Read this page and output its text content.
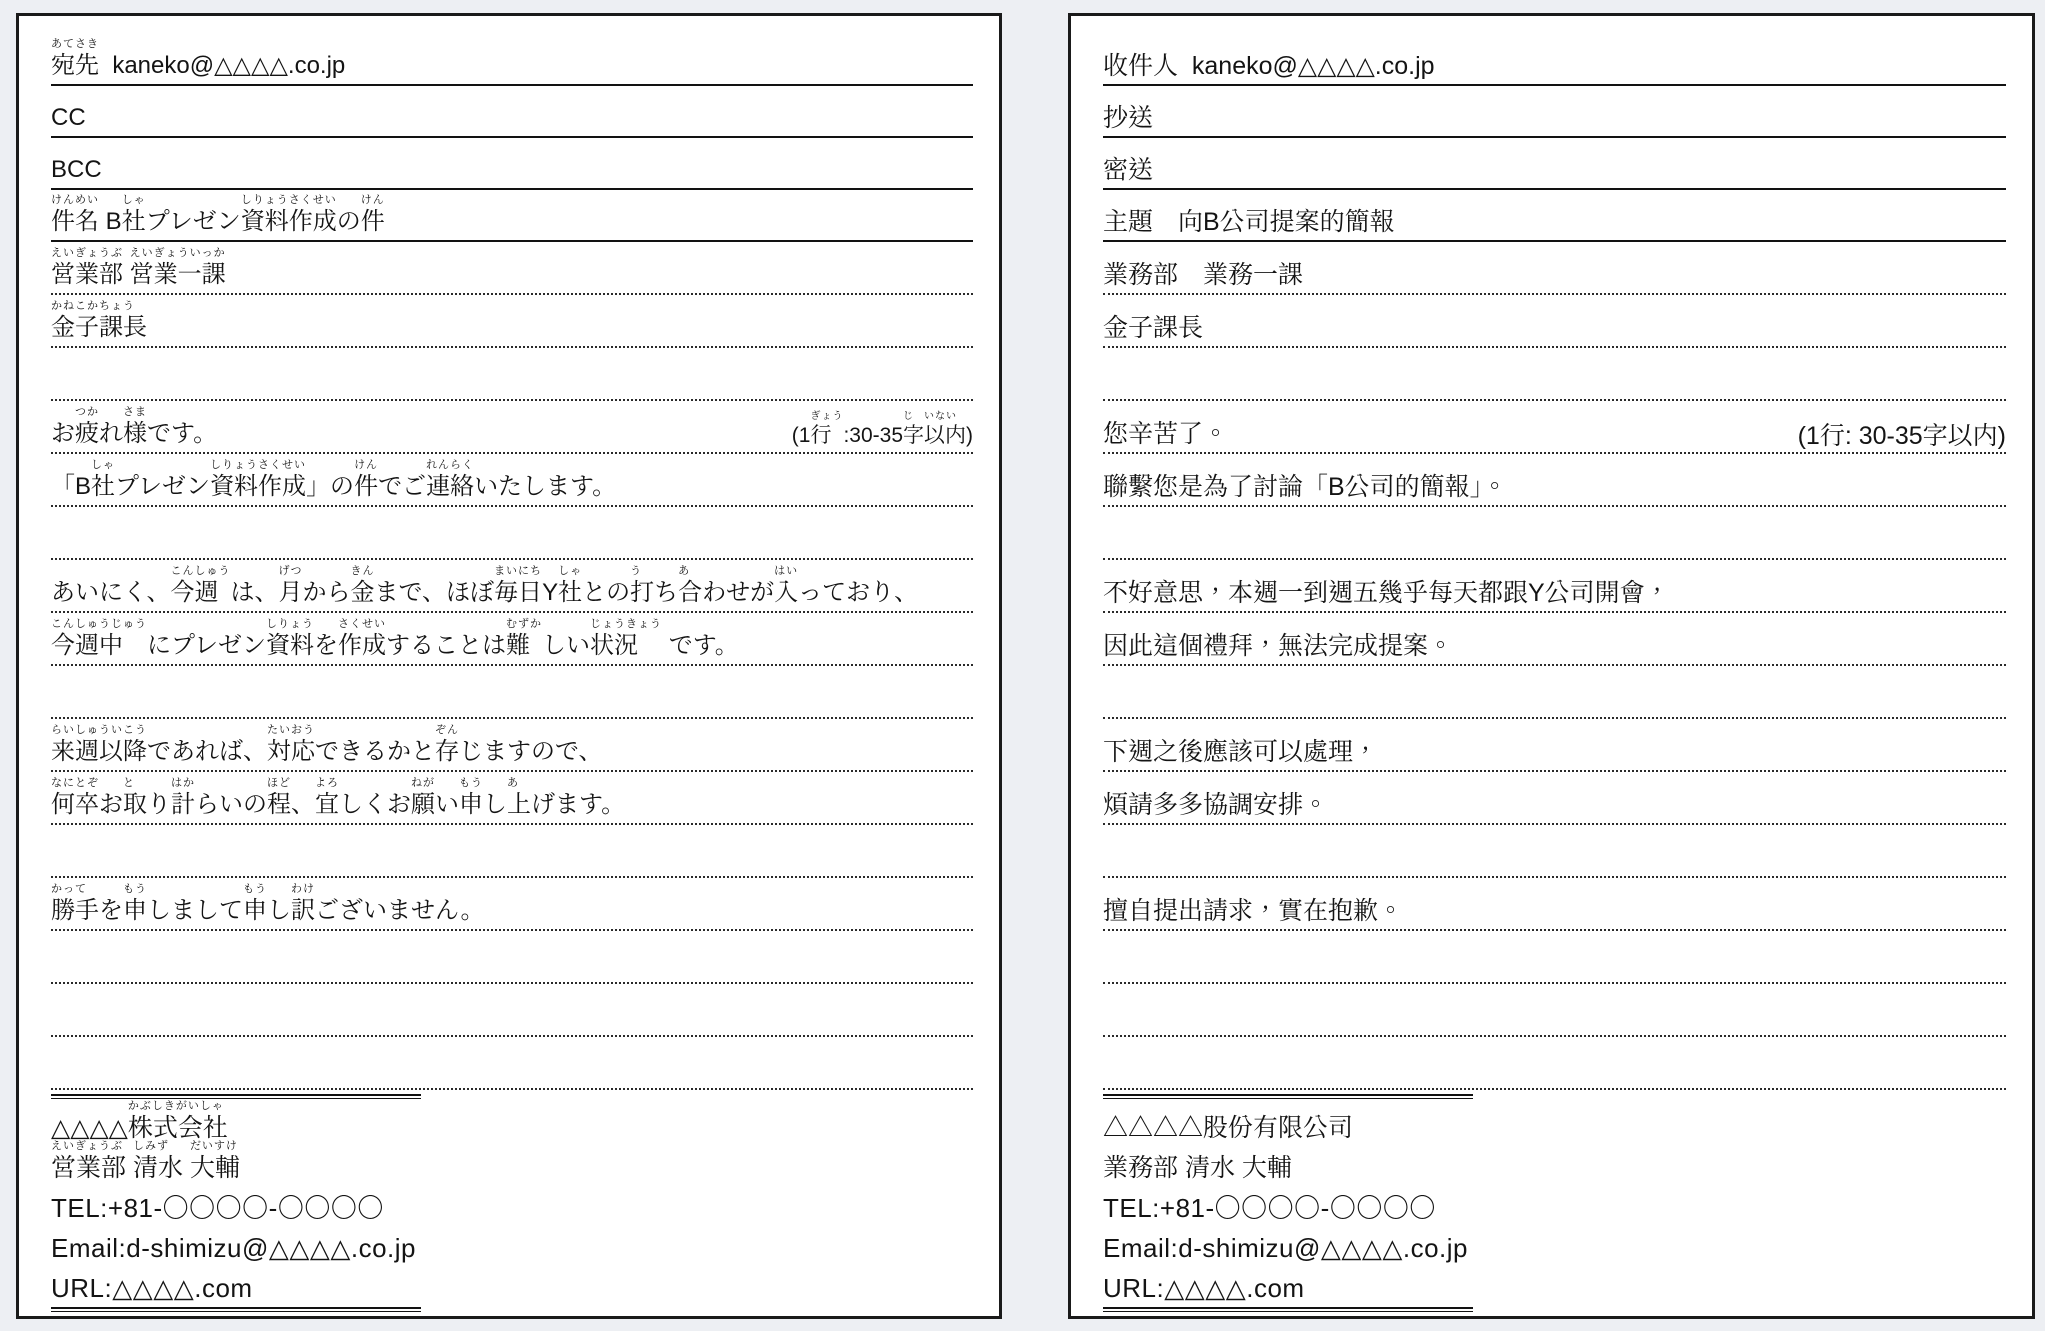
あてさき
宛先 kaneko@△△△△.co.jp
CC
BCC
けんめい
件名 B
しゃ
社 プレゼン
しりょうさくせい
資料作成 の
けん
件
えいぎょうぶ
営業部

えいぎょういっか
営業一課
かねこかちょう
金子課長
お
つか
疲 れ
さま
様 です。	(1
ぎょう
行 :30-35
じ
字
いない
以内 )
「B
しゃ
社 プレゼン
しりょうさくせい
資料作成 」の
けん
件 でご
れんらく
連絡 いたします。
あいにく、
こんしゅう
今週 は、
げつ
月 から
きん
金 まで、ほぼ
まいにち
毎日 Y
しゃ
社 との
う
打 ち
あ
合 わせが
はい
入 っており、
こんしゅうじゅう
今週中 にプレゼン
しりょう
資料 を
さくせい
作成 することは
むずか
難 しい
じょうきょう
状況 です。
らいしゅういこう
来週以降 であれば、
たいおう
対応 できるかと
ぞん
存 じますので、
なにとぞ
何卒 お
と
取 り
はか
計 らいの
ほど
程 、
よろ
宜 しくお
ねが
願 い
もう
申 し
あ
上 げます。
かって
勝手 を
もう
申 しまして
もう
申 し
わけ
訳 ございません。
△△△△
かぶしきがいしゃ
株式会社
えいぎょうぶ
営業部

しみず
清水

だいすけ
大輔
TEL:+81-〇〇〇〇-〇〇〇〇
Email:d-shimizu@△△△△.co.jp
URL:△△△△.com
收件人  kaneko@△△△△.co.jp
抄送
密送
主題　向B公司提案的簡報
業務部　業務一課
金子課長
您辛苦了。	(1行: 30-35字以内)
聯繫您是為了討論「B公司的簡報」。
不好意思，本週一到週五幾乎每天都跟Y公司開會，
因此這個禮拜，無法完成提案。
下週之後應該可以處理，
煩請多多協調安排。
擅自提出請求，實在抱歉。
△△△△股份有限公司
業務部 清水 大輔
TEL:+81-〇〇〇〇-〇〇〇〇
Email:d-shimizu@△△△△.co.jp
URL:△△△△.com
